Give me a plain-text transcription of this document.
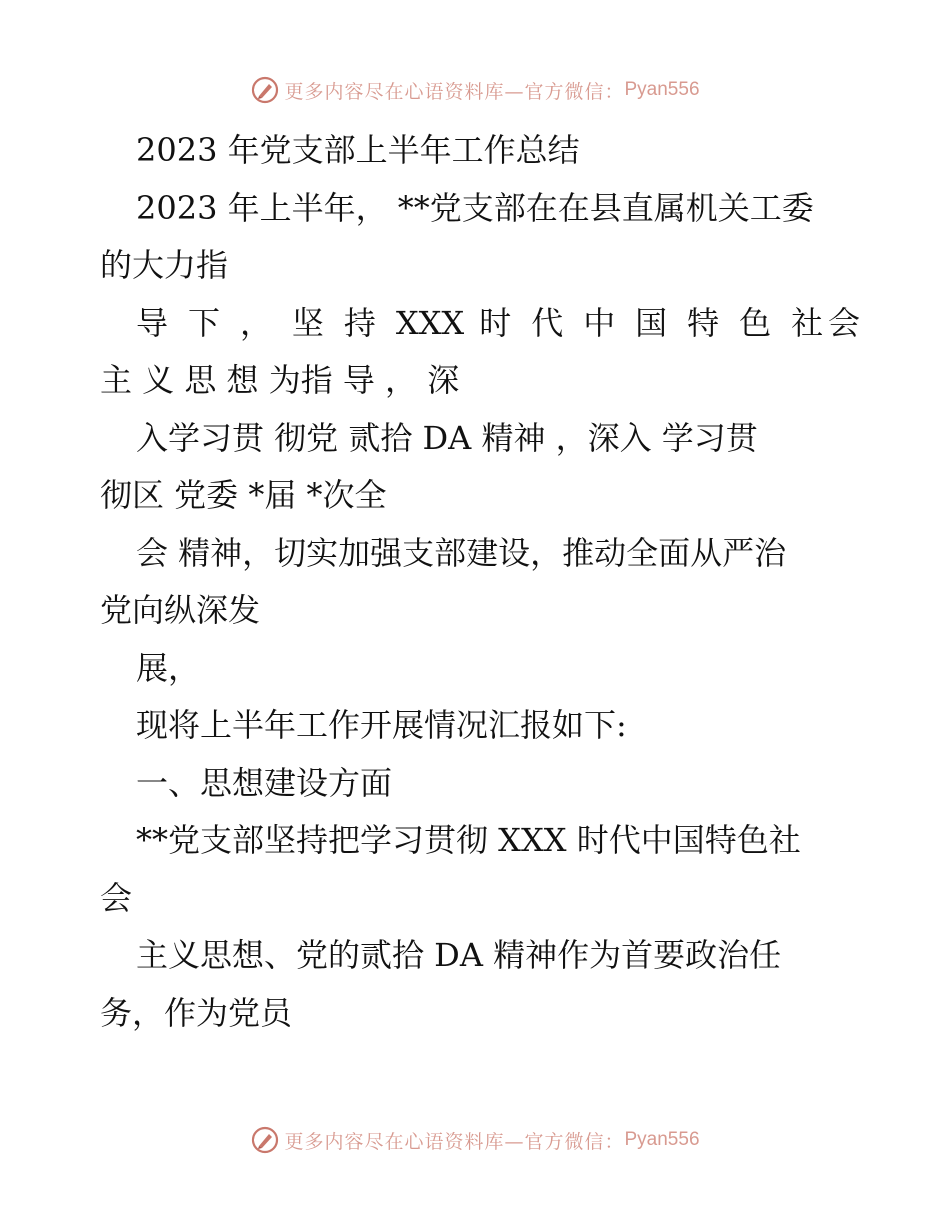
更多内容尽在心语资料库—官方微信： Pyan556
2023 年党支部上半年工作总结
2023 年上半年， **党支部在在县直属机关工委
的大力指
导 下 ， 坚 持 XXX 时 代 中 国 特 色 社会
主 义 思 想 为指 导 ， 深
入学习贯 彻党 贰拾 DA 精神 ，深入 学习贯
彻区 党委 *届 *次全
会 精神，切实加强支部建设，推动全面从严治
党向纵深发
展，
现将上半年工作开展情况汇报如下:
一、思想建设方面
**党支部坚持把学习贯彻 XXX 时代中国特色社
会
主义思想、党的贰拾 DA 精神作为首要政治任
务，作为党员
更多内容尽在心语资料库—官方微信： Pyan556
